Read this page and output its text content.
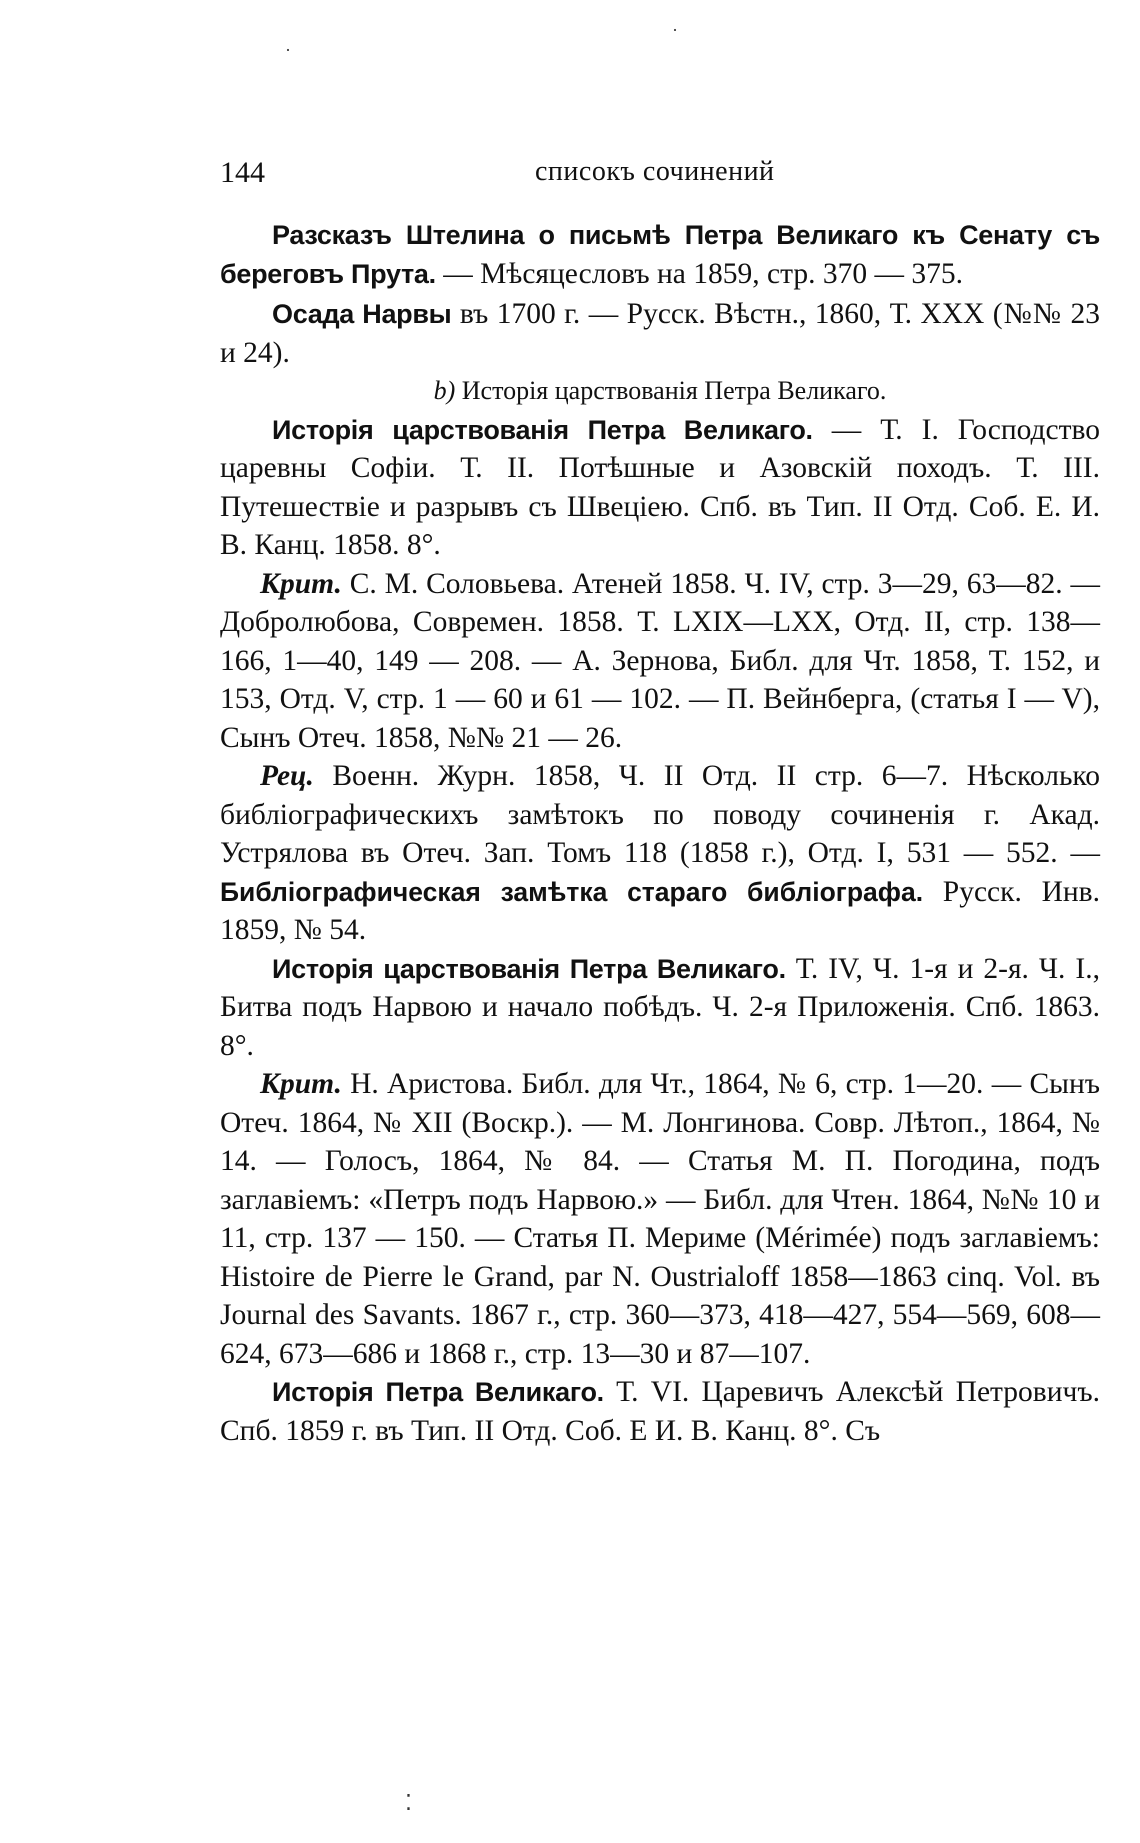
144	списокъ сочинений

Разсказъ Штелина о письмѣ Петра Великаго къ Сенату съ береговъ Прута. — Мѣсяцесловъ на 1859, стр. 370 — 375.

Осада Нарвы въ 1700 г. — Русск. Вѣстн., 1860, Т. XXX (№№ 23 и 24).

b) Исторія царствованія Петра Великаго.

Исторія царствованія Петра Великаго. — Т. I. Господство царевны Софіи. Т. II. Потѣшные и Азовскій походъ. Т. III. Путешествіе и разрывъ съ Швеціею. Спб. въ Тип. II Отд. Соб. Е. И. В. Канц. 1858. 8°.

Крит. С. М. Соловьева. Атеней 1858. Ч. IV, стр. 3—29, 63—82. — Добролюбова, Современ. 1858. Т. LXIX—LXX, Отд. II, стр. 138—166, 1—40, 149 — 208. — А. Зернова, Библ. для Чт. 1858, Т. 152, и 153, Отд. V, стр. 1 — 60 и 61 — 102. — П. Вейнберга, (статья I — V), Сынъ Отеч. 1858, №№ 21 — 26.

Рец. Военн. Журн. 1858, Ч. II Отд. II стр. 6—7. Нѣсколько библіографическихъ замѣтокъ по поводу сочиненія г. Акад. Устрялова въ Отеч. Зап. Томъ 118 (1858 г.), Отд. I, 531 — 552. — Библіографическая замѣтка стараго библіографа. Русск. Инв. 1859, № 54.

Исторія царствованія Петра Великаго. Т. IV, Ч. 1-я и 2-я. Ч. I., Битва подъ Нарвою и начало побѣдъ. Ч. 2-я Приложенія. Спб. 1863. 8°.

Крит. Н. Аристова. Библ. для Чт., 1864, № 6, стр. 1—20. — Сынъ Отеч. 1864, № XII (Воскр.). — М. Лонгинова. Совр. Лѣтоп., 1864, № 14. — Голосъ, 1864, № 84. — Статья М. П. Погодина, подъ заглавіемъ: «Петръ подъ Нарвою.» — Библ. для Чтен. 1864, №№ 10 и 11, стр. 137 — 150. — Статья П. Мериме (Mérimée) подъ заглавіемъ: Histoire de Pierre le Grand, par N. Oustrialoff 1858—1863 cinq. Vol. въ Journal des Savants. 1867 г., стр. 360—373, 418—427, 554—569, 608—624, 673—686 и 1868 г., стр. 13—30 и 87—107.

Исторія Петра Великаго. Т. VI. Царевичъ Алексѣй Петровичъ. Спб. 1859 г. въ Тип. II Отд. Соб. Е И. В. Канц. 8°. Съ

·
·
⁚
